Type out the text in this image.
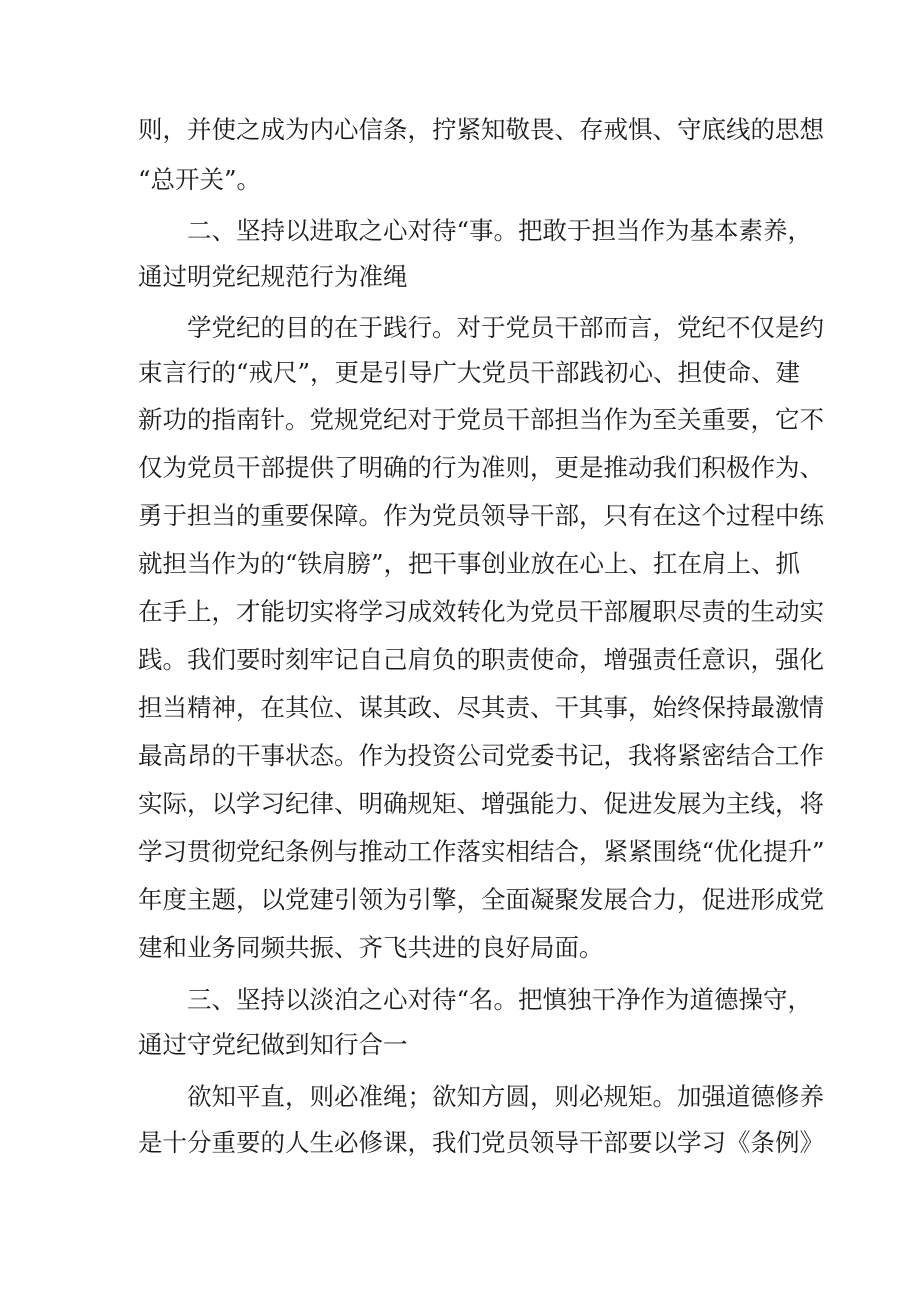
则，并使之成为内心信条，拧紧知敬畏、存戒惧、守底线的思想
“总开关”。
二、坚持以进取之心对待“事。把敢于担当作为基本素养，
通过明党纪规范行为准绳
学党纪的目的在于践行。对于党员干部而言，党纪不仅是约
束言行的“戒尺”，更是引导广大党员干部践初心、担使命、建
新功的指南针。党规党纪对于党员干部担当作为至关重要，它不
仅为党员干部提供了明确的行为准则，更是推动我们积极作为、
勇于担当的重要保障。作为党员领导干部，只有在这个过程中练
就担当作为的“铁肩膀”，把干事创业放在心上、扛在肩上、抓
在手上，才能切实将学习成效转化为党员干部履职尽责的生动实
践。我们要时刻牢记自己肩负的职责使命，增强责任意识，强化
担当精神，在其位、谋其政、尽其责、干其事，始终保持最激情
最高昂的干事状态。作为投资公司党委书记，我将紧密结合工作
实际，以学习纪律、明确规矩、增强能力、促进发展为主线，将
学习贯彻党纪条例与推动工作落实相结合，紧紧围绕“优化提升”
年度主题，以党建引领为引擎，全面凝聚发展合力，促进形成党
建和业务同频共振、齐飞共进的良好局面。
三、坚持以淡泊之心对待“名。把慎独干净作为道德操守，
通过守党纪做到知行合一
欲知平直，则必准绳；欲知方圆，则必规矩。加强道德修养
是十分重要的人生必修课，我们党员领导干部要以学习《条例》
